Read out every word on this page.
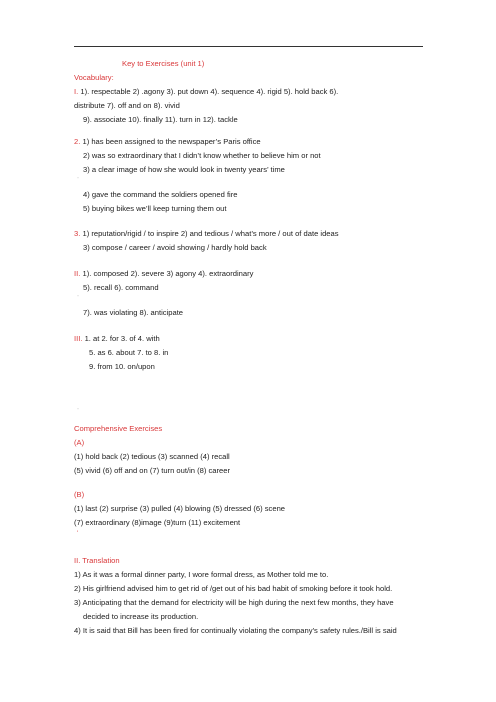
Key to Exercises (unit 1)
Vocabulary:
I. 1). respectable 2) .agony 3). put down 4). sequence 4). rigid 5). hold back 6).
distribute 7). off and on 8). vivid
9). associate 10). finally 11). turn in 12). tackle
2. 1) has been assigned to the newspaper’s Paris office
2) was so extraordinary that I didn’t know whether to believe him or not
3) a clear image of how she would look in twenty years’ time
¨
4) gave the command the soldiers opened fire
5) buying bikes we’ll keep turning them out
3. 1) reputation/rigid / to inspire 2) and tedious / what’s more / out of date ideas
3) compose / career / avoid showing / hardly hold back
II. 1). composed 2). severe 3) agony 4). extraordinary
5). recall 6). command
¨
7). was violating 8). anticipate
III. 1. at 2. for 3. of 4. with
5. as 6. about 7. to 8. in
9. from 10. on/upon
¨
Comprehensive Exercises
(A)
(1) hold back (2) tedious (3) scanned (4) recall
(5) vivid (6) off and on (7) turn out/in (8) career
(B)
(1) last (2) surprise (3) pulled (4) blowing (5) dressed (6) scene
(7) extraordinary (8)image (9)turn (11) excitement
'
II. Translation
1) As it was a formal dinner party, I wore formal dress, as Mother told me to.
2) His girlfriend advised him to get rid of /get out of his bad habit of smoking before it took hold.
3) Anticipating that the demand for electricity will be high during the next few months, they have
decided to increase its production.
4) It is said that Bill has been fired for continually violating the company’s safety rules./Bill is said
